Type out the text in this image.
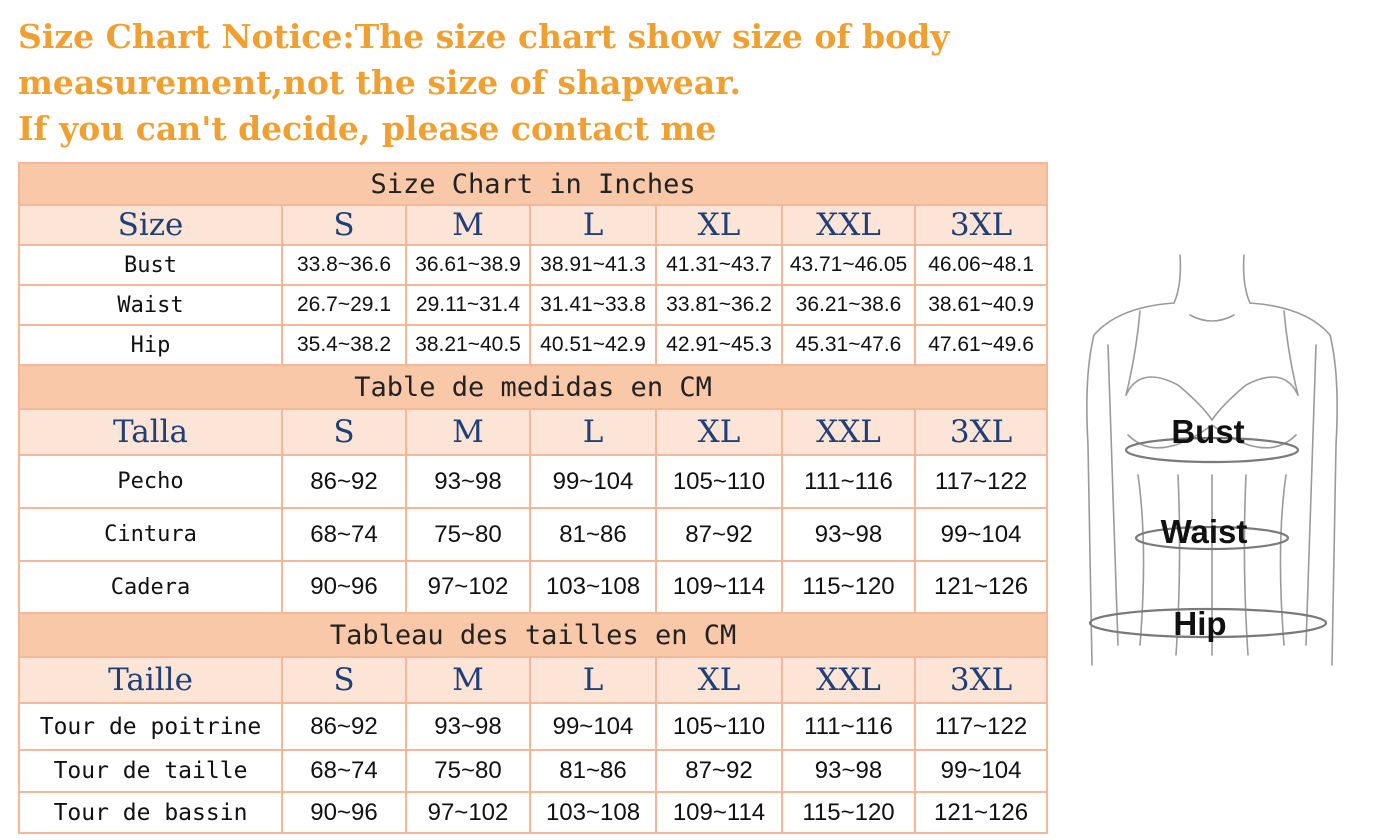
Size Chart Notice:The size chart show size of body
measurement,not the size of shapwear.
If you can't decide, please contact me
Size Chart in Inches						
Size	S	M	L	XL	XXL	3XL
Bust	33.8~36.6	36.61~38.9	38.91~41.3	41.31~43.7	43.71~46.05	46.06~48.1
Waist	26.7~29.1	29.11~31.4	31.41~33.8	33.81~36.2	36.21~38.6	38.61~40.9
Hip	35.4~38.2	38.21~40.5	40.51~42.9	42.91~45.3	45.31~47.6	47.61~49.6
Table de medidas en CM						
Talla	S	M	L	XL	XXL	3XL
Pecho	86~92	93~98	99~104	105~110	111~116	117~122
Cintura	68~74	75~80	81~86	87~92	93~98	99~104
Cadera	90~96	97~102	103~108	109~114	115~120	121~126
Tableau des tailles en CM						
Taille	S	M	L	XL	XXL	3XL
Tour de poitrine	86~92	93~98	99~104	105~110	111~116	117~122
Tour de taille	68~74	75~80	81~86	87~92	93~98	99~104
Tour de bassin	90~96	97~102	103~108	109~114	115~120	121~126
Bust
Waist
Hip
